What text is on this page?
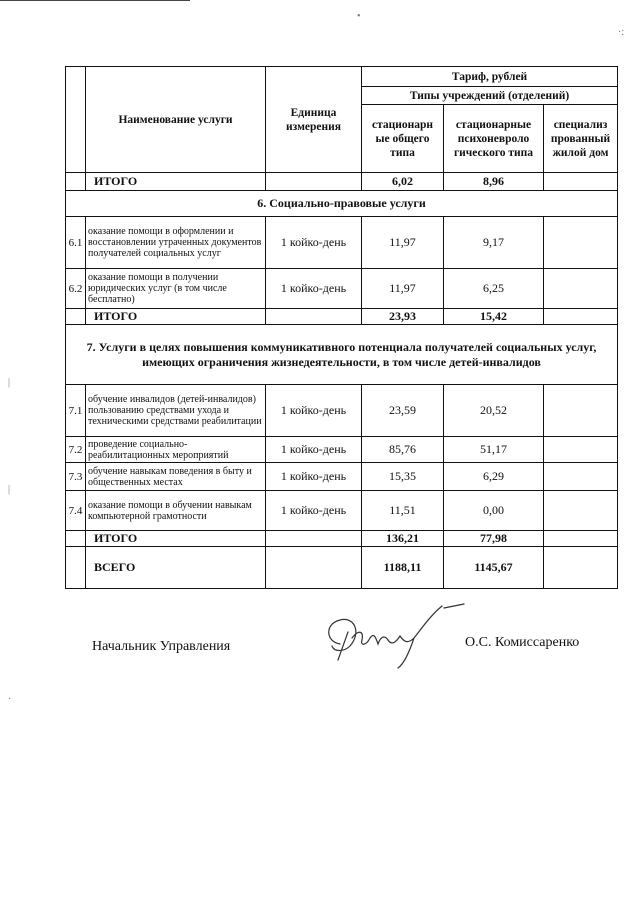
•
·:
|
|
·
	Наименование услуги	Единица измерения	Тариф, рублей		
			Типы учреждений (отделений)		
			стационарн ые общего типа	стационарные психоневроло гического типа	специализ прованный жилой дом
	ИТОГО		6,02	8,96	
6. Социально-правовые услуги					
6.1	оказание помощи в оформлении и восстановлении утраченных документов получателей социальных услуг	1 койко-день	11,97	9,17	
6.2	оказание помощи в получении юридических услуг (в том числе бесплатно)	1 койко-день	11,97	6,25	
	ИТОГО		23,93	15,42	
7. Услуги в целях повышения коммуникативного потенциала получателей социальных услуг, имеющих ограничения жизнедеятельности, в том числе детей-инвалидов					
7.1	обучение инвалидов (детей-инвалидов) пользованию средствами ухода и техническими средствами реабилитации	1 койко-день	23,59	20,52	
7.2	проведение социально-реабилитационных мероприятий	1 койко-день	85,76	51,17	
7.3	обучение навыкам поведения в быту и общественных местах	1 койко-день	15,35	6,29	
7.4	оказание помощи в обучении навыкам компьютерной грамотности	1 койко-день	11,51	0,00	
	ИТОГО		136,21	77,98	
	ВСЕГО		1188,11	1145,67	
Начальник Управления	О.С. Комиссаренко
